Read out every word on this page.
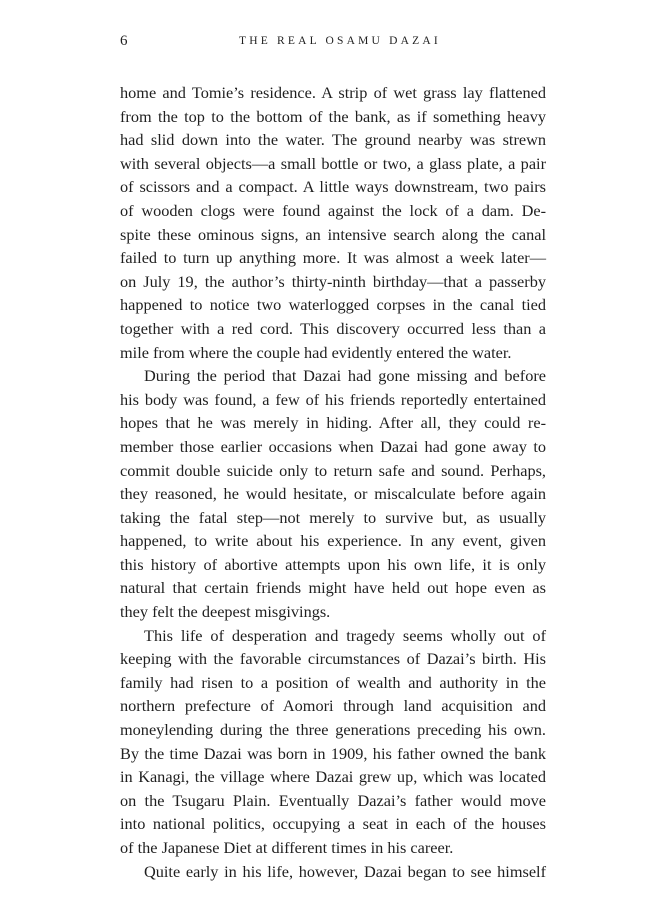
6	THE REAL OSAMU DAZAI
home and Tomie’s residence. A strip of wet grass lay flattened
from the top to the bottom of the bank, as if something heavy
had slid down into the water. The ground nearby was strewn
with several objects—a small bottle or two, a glass plate, a pair
of scissors and a compact. A little ways downstream, two pairs
of wooden clogs were found against the lock of a dam. De-
spite these ominous signs, an intensive search along the canal
failed to turn up anything more. It was almost a week later—
on July 19, the author’s thirty-ninth birthday—that a passerby
happened to notice two waterlogged corpses in the canal tied
together with a red cord. This discovery occurred less than a
mile from where the couple had evidently entered the water.
During the period that Dazai had gone missing and before
his body was found, a few of his friends reportedly entertained
hopes that he was merely in hiding. After all, they could re-
member those earlier occasions when Dazai had gone away to
commit double suicide only to return safe and sound. Perhaps,
they reasoned, he would hesitate, or miscalculate before again
taking the fatal step—not merely to survive but, as usually
happened, to write about his experience. In any event, given
this history of abortive attempts upon his own life, it is only
natural that certain friends might have held out hope even as
they felt the deepest misgivings.
This life of desperation and tragedy seems wholly out of
keeping with the favorable circumstances of Dazai’s birth. His
family had risen to a position of wealth and authority in the
northern prefecture of Aomori through land acquisition and
moneylending during the three generations preceding his own.
By the time Dazai was born in 1909, his father owned the bank
in Kanagi, the village where Dazai grew up, which was located
on the Tsugaru Plain. Eventually Dazai’s father would move
into national politics, occupying a seat in each of the houses
of the Japanese Diet at different times in his career.
Quite early in his life, however, Dazai began to see himself
